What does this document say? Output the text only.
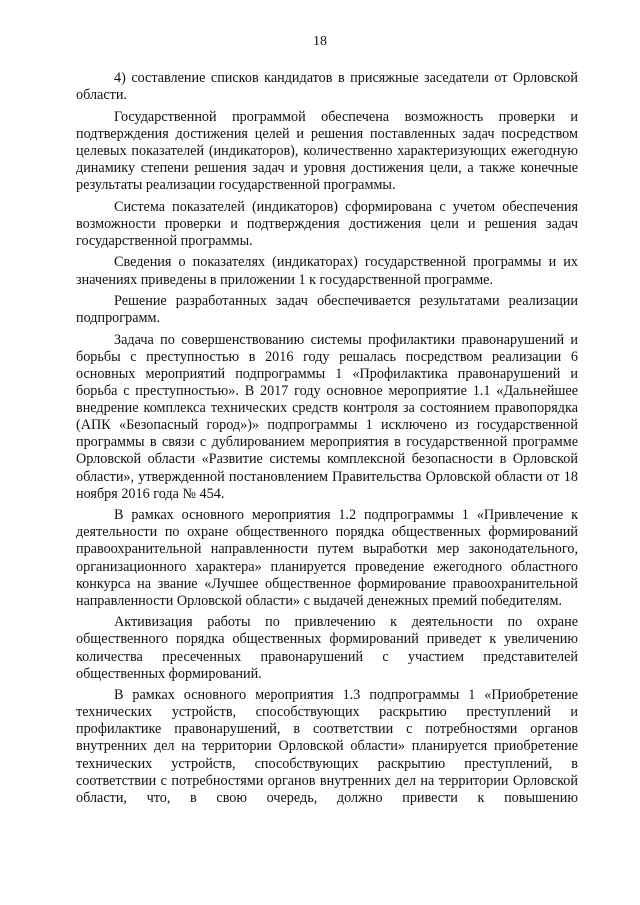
18

4) составление списков кандидатов в присяжные заседатели от Орловской области.

Государственной программой обеспечена возможность проверки и подтверждения достижения целей и решения поставленных задач посредством целевых показателей (индикаторов), количественно характеризующих ежегодную динамику степени решения задач и уровня достижения цели, а также конечные результаты реализации государственной программы.

Система показателей (индикаторов) сформирована с учетом обеспечения возможности проверки и подтверждения достижения цели и решения задач государственной программы.

Сведения о показателях (индикаторах) государственной программы и их значениях приведены в приложении 1 к государственной программе.

Решение разработанных задач обеспечивается результатами реализации подпрограмм.

Задача по совершенствованию системы профилактики правонарушений и борьбы с преступностью в 2016 году решалась посредством реализации 6 основных мероприятий подпрограммы 1 «Профилактика правонарушений и борьба с преступностью». В 2017 году основное мероприятие 1.1 «Дальнейшее внедрение комплекса технических средств контроля за состоянием правопорядка (АПК «Безопасный город»)» подпрограммы 1 исключено из государственной программы в связи с дублированием мероприятия в государственной программе Орловской области «Развитие системы комплексной безопасности в Орловской области», утвержденной постановлением Правительства Орловской области от 18 ноября 2016 года № 454.

В рамках основного мероприятия 1.2 подпрограммы 1 «Привлечение к деятельности по охране общественного порядка общественных формирований правоохранительной направленности путем выработки мер законодательного, организационного характера» планируется проведение ежегодного областного конкурса на звание «Лучшее общественное формирование правоохранительной направленности Орловской области» с выдачей денежных премий победителям.

Активизация работы по привлечению к деятельности по охране общественного порядка общественных формирований приведет к увеличению количества пресеченных правонарушений с участием представителей общественных формирований.

В рамках основного мероприятия 1.3 подпрограммы 1 «Приобретение технических устройств, способствующих раскрытию преступлений и профилактике правонарушений, в соответствии с потребностями органов внутренних дел на территории Орловской области» планируется приобретение технических устройств, способствующих раскрытию преступлений, в соответствии с потребностями органов внутренних дел на территории Орловской области, что, в свою очередь, должно привести к повышению
